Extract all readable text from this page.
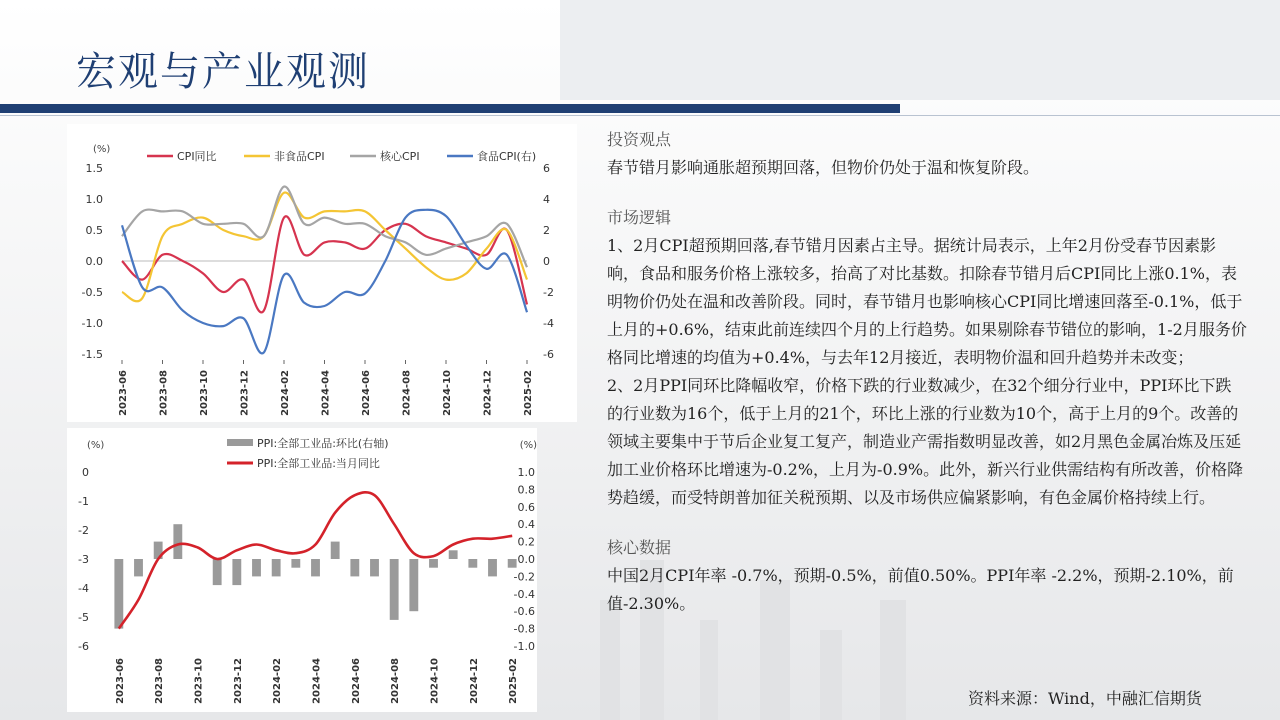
宏观与产业观测
(%)
1.5
1.0
0.5
0.0
-0.5
-1.0
-1.5
6
4
2
0
-2
-4
-6
2023-06	2023-08	2023-10	2023-12	2024-02	2024-04	2024-06	2024-08	2024-10	2024-12	2025-02
CPI同比	非食品CPI	核心CPI	食品CPI(右)
(%)	(%)
0
-1
-2
-3
-4
-5
-6
1.0
0.8
0.6
0.4
0.2
0.0
-0.2
-0.4
-0.6
-0.8
-1.0
2023-06	2023-08	2023-10	2023-12	2024-02	2024-04	2024-06	2024-08	2024-10	2024-12	2025-02
PPI:全部工业品:环比(右轴)
PPI:全部工业品:当月同比
投资观点

春节错月影响通胀超预期回落，但物价仍处于温和恢复阶段。

市场逻辑

1、2月CPI超预期回落,春节错月因素占主导。据统计局表示，上年2月份受春节因素影响，食品和服务价格上涨较多，抬高了对比基数。扣除春节错月后CPI同比上涨0.1%，表明物价仍处在温和改善阶段。同时，春节错月也影响核心CPI同比增速回落至-0.1%，低于上月的+0.6%，结束此前连续四个月的上行趋势。如果剔除春节错位的影响，1-2月服务价格同比增速的均值为+0.4%，与去年12月接近，表明物价温和回升趋势并未改变；

2、2月PPI同环比降幅收窄，价格下跌的行业数减少，在32个细分行业中，PPI环比下跌的行业数为16个，低于上月的21个，环比上涨的行业数为10个，高于上月的9个。改善的领域主要集中于节后企业复工复产，制造业产需指数明显改善，如2月黑色金属冶炼及压延加工业价格环比增速为-0.2%，上月为-0.9%。此外，新兴行业供需结构有所改善，价格降势趋缓，而受特朗普加征关税预期、以及市场供应偏紧影响，有色金属价格持续上行。

核心数据

中国2月CPI年率 -0.7%，预期-0.5%，前值0.50%。PPI年率 -2.2%，预期-2.10%，前值-2.30%。

资料来源：Wind，中融汇信期货
